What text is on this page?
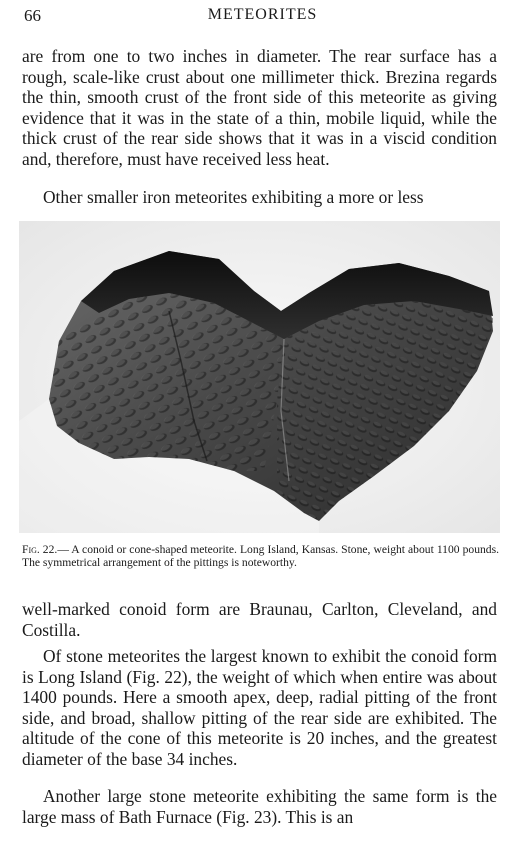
66	METEORITES

are from one to two inches in diameter. The rear surface has a rough, scale-like crust about one millimeter thick. Brezina regards the thin, smooth crust of the front side of this meteorite as giving evidence that it was in the state of a thin, mobile liquid, while the thick crust of the rear side shows that it was in a viscid condition and, therefore, must have received less heat.

Other smaller iron meteorites exhibiting a more or less

Fig. 22.— A conoid or cone-shaped meteorite. Long Island, Kansas. Stone, weight about 1100 pounds. The symmetrical arrangement of the pittings is noteworthy.

well-marked conoid form are Braunau, Carlton, Cleveland, and Costilla.

Of stone meteorites the largest known to exhibit the conoid form is Long Island (Fig. 22), the weight of which when entire was about 1400 pounds. Here a smooth apex, deep, radial pitting of the front side, and broad, shallow pitting of the rear side are exhibited. The altitude of the cone of this meteorite is 20 inches, and the greatest diameter of the base 34 inches.

Another large stone meteorite exhibiting the same form is the large mass of Bath Furnace (Fig. 23). This is an
